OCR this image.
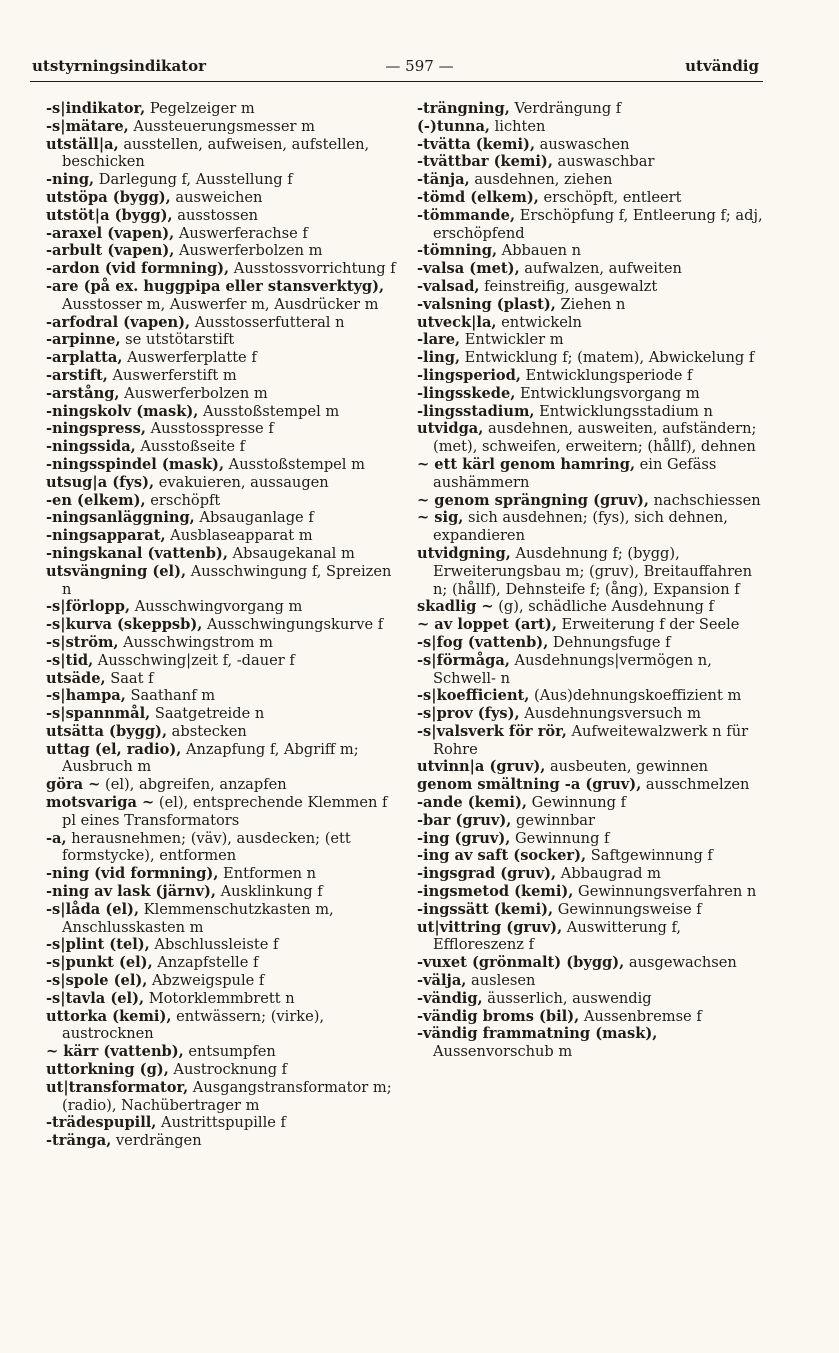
utstyrningsindikator	— 597 —	utvändig

-s|indikator, Pegelzeiger m

-s|mätare, Aussteuerungsmesser m

utställ|a, ausstellen, aufweisen, aufstellen, beschicken

-ning, Darlegung f, Ausstellung f

utstöpa (bygg), ausweichen

utstöt|a (bygg), ausstossen

-araxel (vapen), Auswerferachse f

-arbult (vapen), Auswerferbolzen m

-ardon (vid formning), Ausstossvorrichtung f

-are (på ex. huggpipa eller stansverktyg), Ausstosser m, Auswerfer m, Ausdrücker m

-arfodral (vapen), Ausstosserfutteral n

-arpinne, se utstötarstift

-arplatta, Auswerferplatte f

-arstift, Auswerferstift m

-arstång, Auswerferbolzen m

-ningskolv (mask), Ausstoßstempel m

-ningspress, Ausstosspresse f

-ningssida, Ausstoßseite f

-ningsspindel (mask), Ausstoßstempel m

utsug|a (fys), evakuieren, aussaugen

-en (elkem), erschöpft

-ningsanläggning, Absauganlage f

-ningsapparat, Ausblaseapparat m

-ningskanal (vattenb), Absaugekanal m

utsvängning (el), Ausschwingung f, Spreizen n

-s|förlopp, Ausschwingvorgang m

-s|kurva (skeppsb), Ausschwingungskurve f

-s|ström, Ausschwingstrom m

-s|tid, Ausschwing|zeit f, -dauer f

utsäde, Saat f

-s|hampa, Saathanf m

-s|spannmål, Saatgetreide n

utsätta (bygg), abstecken

uttag (el, radio), Anzapfung f, Abgriff m; Ausbruch m

göra ~ (el), abgreifen, anzapfen

motsvariga ~ (el), entsprechende Klemmen f pl eines Transformators

-a, herausnehmen; (väv), ausdecken; (ett formstycke), entformen

-ning (vid formning), Entformen n

-ning av lask (järnv), Ausklinkung f

-s|låda (el), Klemmenschutzkasten m, Anschlusskasten m

-s|plint (tel), Abschlussleiste f

-s|punkt (el), Anzapfstelle f

-s|spole (el), Abzweigspule f

-s|tavla (el), Motorklemmbrett n

uttorka (kemi), entwässern; (virke), austrocknen

~ kärr (vattenb), entsumpfen

uttorkning (g), Austrocknung f

ut|transformator, Ausgangstransformator m; (radio), Nachübertrager m

-trädespupill, Austrittspupille f

-tränga, verdrängen

-trängning, Verdrängung f

(-)tunna, lichten

-tvätta (kemi), auswaschen

-tvättbar (kemi), auswaschbar

-tänja, ausdehnen, ziehen

-tömd (elkem), erschöpft, entleert

-tömmande, Erschöpfung f, Entleerung f; adj, erschöpfend

-tömning, Abbauen n

-valsa (met), aufwalzen, aufweiten

-valsad, feinstreifig, ausgewalzt

-valsning (plast), Ziehen n

utveck|la, entwickeln

-lare, Entwickler m

-ling, Entwicklung f; (matem), Abwickelung f

-lingsperiod, Entwicklungsperiode f

-lingsskede, Entwicklungsvorgang m

-lingsstadium, Entwicklungsstadium n

utvidga, ausdehnen, ausweiten, aufständern; (met), schweifen, erweitern; (hållf), dehnen

~ ett kärl genom hamring, ein Gefäss aushämmern

~ genom sprängning (gruv), nachschiessen

~ sig, sich ausdehnen; (fys), sich dehnen, expandieren

utvidgning, Ausdehnung f; (bygg), Erweiterungsbau m; (gruv), Breitauffahren n; (hållf), Dehnsteife f; (ång), Expansion f

skadlig ~ (g), schädliche Ausdehnung f

~ av loppet (art), Erweiterung f der Seele

-s|fog (vattenb), Dehnungsfuge f

-s|förmåga, Ausdehnungs|vermögen n, Schwell- n

-s|koefficient, (Aus)dehnungskoeffizient m

-s|prov (fys), Ausdehnungsversuch m

-s|valsverk för rör, Aufweitewalzwerk n für Rohre

utvinn|a (gruv), ausbeuten, gewinnen

genom smältning -a (gruv), ausschmelzen

-ande (kemi), Gewinnung f

-bar (gruv), gewinnbar

-ing (gruv), Gewinnung f

-ing av saft (socker), Saftgewinnung f

-ingsgrad (gruv), Abbaugrad m

-ingsmetod (kemi), Gewinnungsverfahren n

-ingssätt (kemi), Gewinnungsweise f

ut|vittring (gruv), Auswitterung f, Effloreszenz f

-vuxet (grönmalt) (bygg), ausgewachsen

-välja, auslesen

-vändig, äusserlich, auswendig

-vändig broms (bil), Aussenbremse f

-vändig frammatning (mask), Aussenvorschub m
